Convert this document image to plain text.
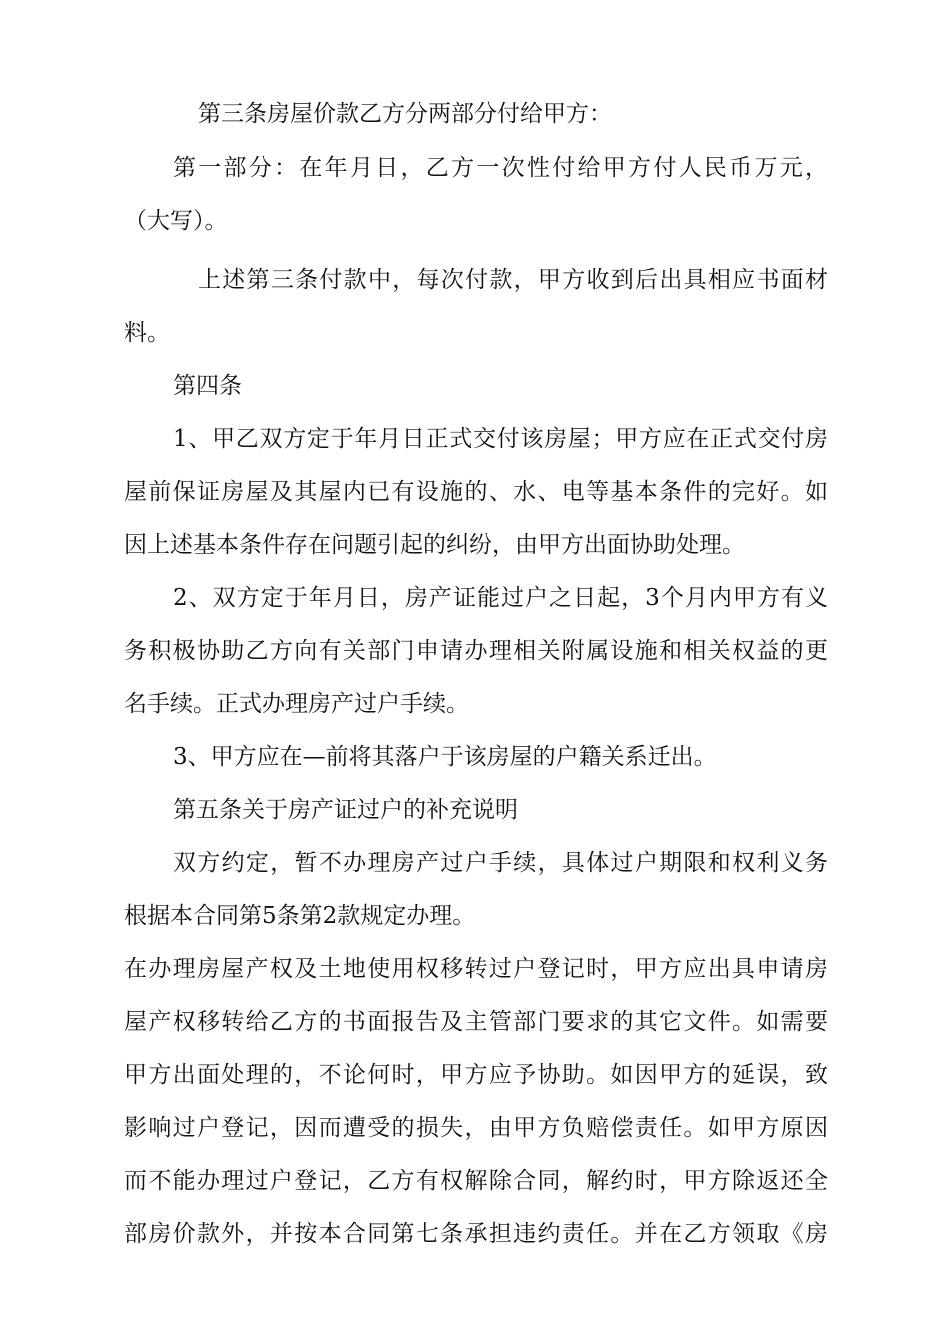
第三条房屋价款乙方分两部分付给甲方：

第一部分：在年月日，乙方一次性付给甲方付人民币万元，

（大写）。

上述第三条付款中，每次付款，甲方收到后出具相应书面材

料。

第四条

1、甲乙双方定于年月日正式交付该房屋；甲方应在正式交付房

屋前保证房屋及其屋内已有设施的、水、电等基本条件的完好。如

因上述基本条件存在问题引起的纠纷，由甲方出面协助处理。

2、双方定于年月日，房产证能过户之日起，3个月内甲方有义

务积极协助乙方向有关部门申请办理相关附属设施和相关权益的更

名手续。正式办理房产过户手续。

3、甲方应在—前将其落户于该房屋的户籍关系迁出。

第五条关于房产证过户的补充说明

双方约定，暂不办理房产过户手续，具体过户期限和权利义务

根据本合同第5条第2款规定办理。

在办理房屋产权及土地使用权移转过户登记时，甲方应出具申请房

屋产权移转给乙方的书面报告及主管部门要求的其它文件。如需要

甲方出面处理的，不论何时，甲方应予协助。如因甲方的延误，致

影响过户登记，因而遭受的损失，由甲方负赔偿责任。如甲方原因

而不能办理过户登记，乙方有权解除合同，解约时，甲方除返还全

部房价款外，并按本合同第七条承担违约责任。并在乙方领取《房
